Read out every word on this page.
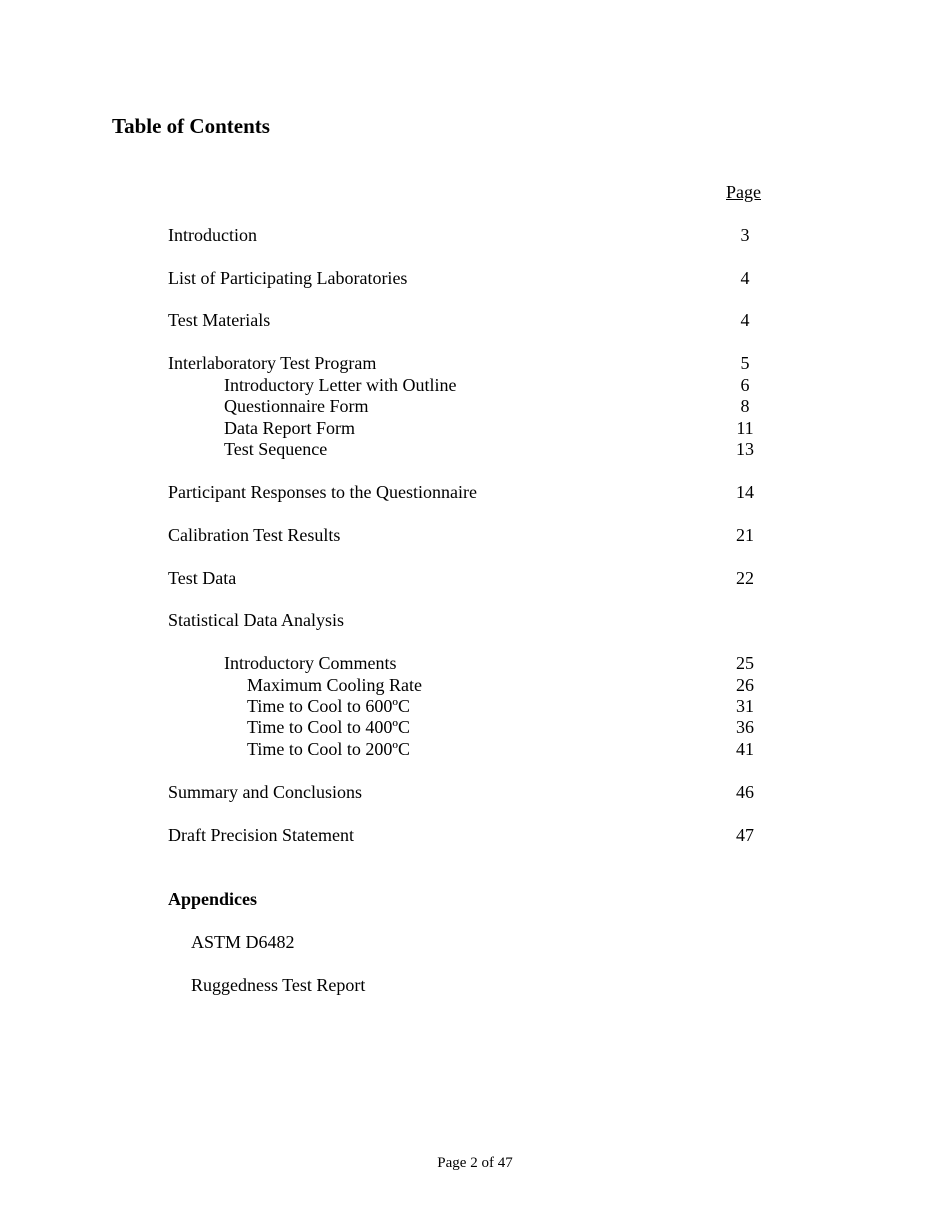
Table of Contents
Page
Introduction	3
List of Participating Laboratories	4
Test Materials	4
Interlaboratory Test Program	5
Introductory Letter with Outline	6
Questionnaire Form	8
Data Report Form	11
Test Sequence	13
Participant Responses to the Questionnaire	14
Calibration Test Results	21
Test Data	22
Statistical Data Analysis
Introductory Comments	25
Maximum Cooling Rate	26
Time to Cool to 600ºC	31
Time to Cool to 400ºC	36
Time to Cool to 200ºC	41
Summary and Conclusions	46
Draft Precision Statement	47
Appendices
ASTM D6482
Ruggedness Test Report
Page 2 of 47
